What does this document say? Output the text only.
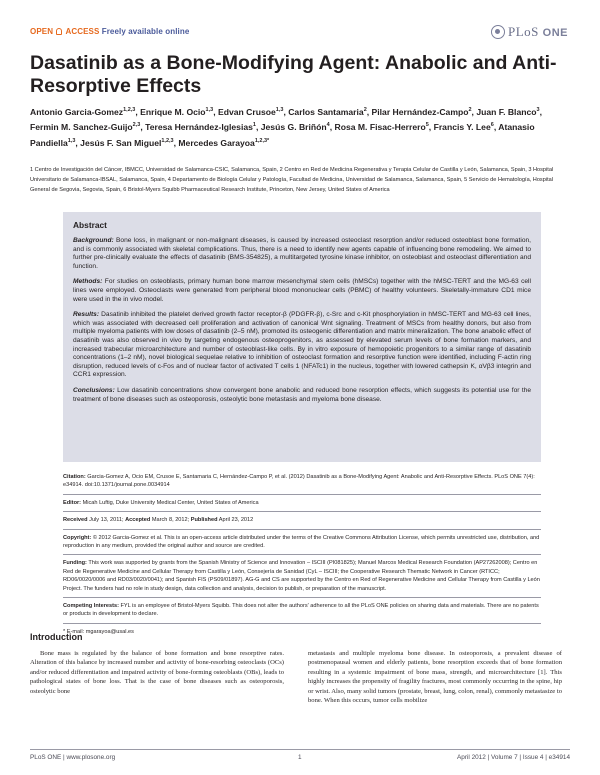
OPEN ACCESS Freely available online	PLoS ONE
Dasatinib as a Bone-Modifying Agent: Anabolic and Anti-Resorptive Effects
Antonio Garcia-Gomez$^{1,2,3}$, Enrique M. Ocio$^{1,3}$, Edvan Crusoe$^{1,3}$, Carlos Santamaria$^2$, Pilar Hernández-Campo$^2$, Juan F. Blanco$^3$, Fermin M. Sanchez-Guijo$^{2,3}$, Teresa Hernández-Iglesias$^1$, Jesús G. Briñón$^4$, Rosa M. Fisac-Herrero$^5$, Francis Y. Lee$^6$, Atanasio Pandiella$^{1,3}$, Jesús F. San Miguel$^{1,2,3}$, Mercedes Garayoa$^{1,2,3*}$
1 Centro de Investigación del Cáncer, IBMCC, Universidad de Salamanca-CSIC, Salamanca, Spain, 2 Centro en Red de Medicina Regenerativa y Terapia Celular de Castilla y León, Salamanca, Spain, 3 Hospital Universitario de Salamanca-IBSAL, Salamanca, Spain, 4 Departamento de Biología Celular y Patología, Facultad de Medicina, Universidad de Salamanca, Salamanca, Spain, 5 Servicio de Hematología, Hospital General de Segovia, Segovia, Spain, 6 Bristol-Myers Squibb Pharmaceutical Research Institute, Princeton, New Jersey, United States of America
Abstract

Background: Bone loss, in malignant or non-malignant diseases, is caused by increased osteoclast resorption and/or reduced osteoblast bone formation, and is commonly associated with skeletal complications. Thus, there is a need to identify new agents capable of influencing bone remodeling. We aimed to further pre-clinically evaluate the effects of dasatinib (BMS-354825), a multitargeted tyrosine kinase inhibitor, on osteoblast and osteoclast differentiation and function.

Methods: For studies on osteoblasts, primary human bone marrow mesenchymal stem cells (hMSCs) together with the hMSC-TERT and the MG-63 cell lines were employed. Osteoclasts were generated from peripheral blood mononuclear cells (PBMC) of healthy volunteers. Skeletally-immature CD1 mice were used in the in vivo model.

Results: Dasatinib inhibited the platelet derived growth factor receptor-β (PDGFR-β), c-Src and c-Kit phosphorylation in hMSC-TERT and MG-63 cell lines, which was associated with decreased cell proliferation and activation of canonical Wnt signaling. Treatment of MSCs from healthy donors, but also from multiple myeloma patients with low doses of dasatinib (2–5 nM), promoted its osteogenic differentiation and matrix mineralization. The bone anabolic effect of dasatinib was also observed in vivo by targeting endogenous osteoprogenitors, as assessed by elevated serum levels of bone formation markers, and increased trabecular microarchitecture and number of osteoblast-like cells. By in vitro exposure of hemopoietic progenitors to a similar range of dasatinib concentrations (1–2 nM), novel biological sequelae relative to inhibition of osteoclast formation and resorptive function were identified, including F-actin ring disruption, reduced levels of c-Fos and of nuclear factor of activated T cells 1 (NFATc1) in the nucleus, together with lowered cathepsin K, αVβ3 integrin and CCR1 expression.

Conclusions: Low dasatinib concentrations show convergent bone anabolic and reduced bone resorption effects, which suggests its potential use for the treatment of bone diseases such as osteoporosis, osteolytic bone metastasis and myeloma bone disease.

Citation: Garcia-Gomez A, Ocio EM, Crusoe E, Santamaria C, Hernández-Campo P, et al. (2012) Dasatinib as a Bone-Modifying Agent: Anabolic and Anti-Resorptive Effects. PLoS ONE 7(4): e34914. doi:10.1371/journal.pone.0034914

Editor: Micah Luftig, Duke University Medical Center, United States of America

Received July 13, 2011; Accepted March 8, 2012; Published April 23, 2012

Copyright: © 2012 Garcia-Gomez et al. This is an open-access article distributed under the terms of the Creative Commons Attribution License, which permits unrestricted use, distribution, and reproduction in any medium, provided the original author and source are credited.

Funding: This work was supported by grants from the Spanish Ministry of Science and Innovation – ISCIII (PI081825); Manuel Marcos Medical Research Foundation (AP27262008); Centro en Red de Regenerative Medicine and Cellular Therapy from Castilla y León, Consejería de Sanidad (CyL – ISCIII; the Cooperative Research Thematic Network in Cancer (RTICC; RD06/0020/0006 and RD03/0020/0041); and Spanish FIS (PS09/01897). AG-G and CS are supported by the Centro en Red of Regenerative Medicine and Cellular Therapy from Castilla y León Project. The funders had no role in study design, data collection and analysis, decision to publish, or preparation of the manuscript.

Competing Interests: FYL is an employee of Bristol-Myers Squibb. This does not alter the authors' adherence to all the PLoS ONE policies on sharing data and materials. There are no patents or products in development to declare.

* E-mail: mgarayoa@usal.es

Introduction
Bone mass is regulated by the balance of bone formation and bone resorptive rates. Alteration of this balance by increased number and activity of bone-resorbing osteoclasts (OCs) and/or reduced differentiation and impaired activity of bone-forming osteoblasts (OBs), leads to pathological states of bone loss. That is the case of bone diseases such as osteoporosis, osteolytic bone
metastasis and multiple myeloma bone disease. In osteoporosis, a prevalent disease of postmenopausal women and elderly patients, bone resorption exceeds that of bone formation resulting in a systemic impairment of bone mass, strength, and microarchitecture [1]. This highly increases the propensity of fragility fractures, most commonly occurring in the spine, hip or wrist. Also, many solid tumors (prostate, breast, lung, colon, renal), commonly metastasize to bone. When this occurs, tumor cells mobilize
PLoS ONE | www.plosone.org	1	April 2012 | Volume 7 | Issue 4 | e34914
